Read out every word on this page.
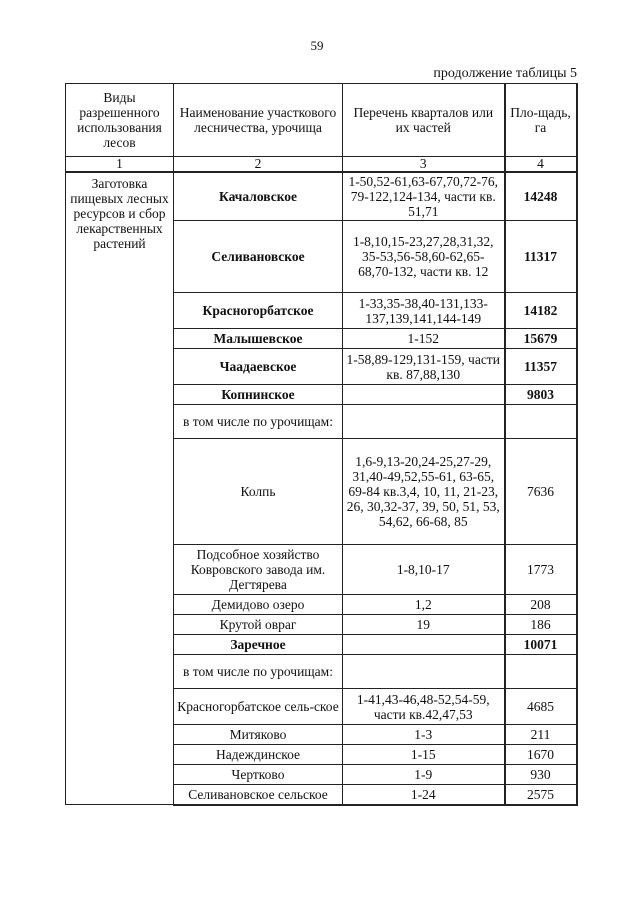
59
продолжение таблицы 5
Виды разрешенного использования лесов	Наименование участкового лесничества, урочища	Перечень кварталов или их частей	Пло-щадь, га
1	2	3	4
Заготовка пищевых лесных ресурсов и сбор лекарственных растений	Качаловское	1-50,52-61,63-67,70,72-76, 79-122,124-134, части кв. 51,71	14248
	Селивановское	1-8,10,15-23,27,28,31,32, 35-53,56-58,60-62,65-68,70-132, части кв. 12	11317
	Красногорбатское	1-33,35-38,40-131,133-137,139,141,144-149	14182
	Малышевское	1-152	15679
	Чаадаевское	1-58,89-129,131-159, части кв. 87,88,130	11357
	Копнинское		9803
	в том числе по урочищам:		
	Колпь	1,6-9,13-20,24-25,27-29, 31,40-49,52,55-61, 63-65, 69-84 кв.3,4, 10, 11, 21-23, 26, 30,32-37, 39, 50, 51, 53, 54,62, 66-68, 85	7636
	Подсобное хозяйство Ковровского завода им. Дегтярева	1-8,10-17	1773
	Демидово озеро	1,2	208
	Крутой овраг	19	186
	Заречное		10071
	в том числе по урочищам:		
	Красногорбатское сель-ское	1-41,43-46,48-52,54-59, части кв.42,47,53	4685
	Митяково	1-3	211
	Надеждинское	1-15	1670
	Чертково	1-9	930
	Селивановское сельское	1-24	2575
